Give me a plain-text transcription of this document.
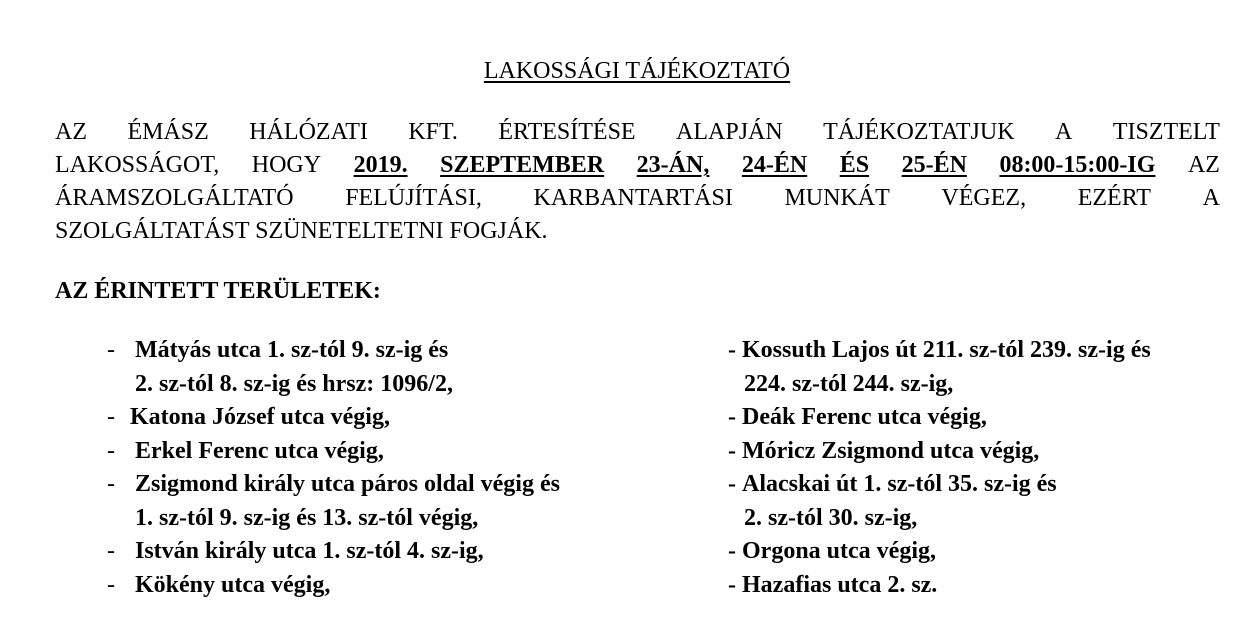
LAKOSSÁGI TÁJÉKOZTATÓ
AZ ÉMÁSZ HÁLÓZATI KFT. ÉRTESÍTÉSE ALAPJÁN TÁJÉKOZTATJUK A TISZTELT
LAKOSSÁGOT, HOGY 2019. SZEPTEMBER 23-ÁN, 24-ÉN ÉS 25-ÉN 08:00-15:00-IG AZ
ÁRAMSZOLGÁLTATÓ FELÚJÍTÁSI, KARBANTARTÁSI MUNKÁT VÉGEZ, EZÉRT A
SZOLGÁLTATÁST SZÜNETELTETNI FOGJÁK.
AZ ÉRINTETT TERÜLETEK:
- Mátyás utca 1. sz-tól 9. sz-ig és
2. sz-tól 8. sz-ig és hrsz: 1096/2,
- Katona József utca végig,
- Erkel Ferenc utca végig,
- Zsigmond király utca páros oldal végig és
1. sz-tól 9. sz-ig és 13. sz-tól végig,
- István király utca 1. sz-tól 4. sz-ig,
- Kökény utca végig,
- Kossuth Lajos út 211. sz-tól 239. sz-ig és
224. sz-tól 244. sz-ig,
- Deák Ferenc utca végig,
- Móricz Zsigmond utca végig,
- Alacskai út 1. sz-tól 35. sz-ig és
2. sz-tól 30. sz-ig,
- Orgona utca végig,
- Hazafias utca 2. sz.
